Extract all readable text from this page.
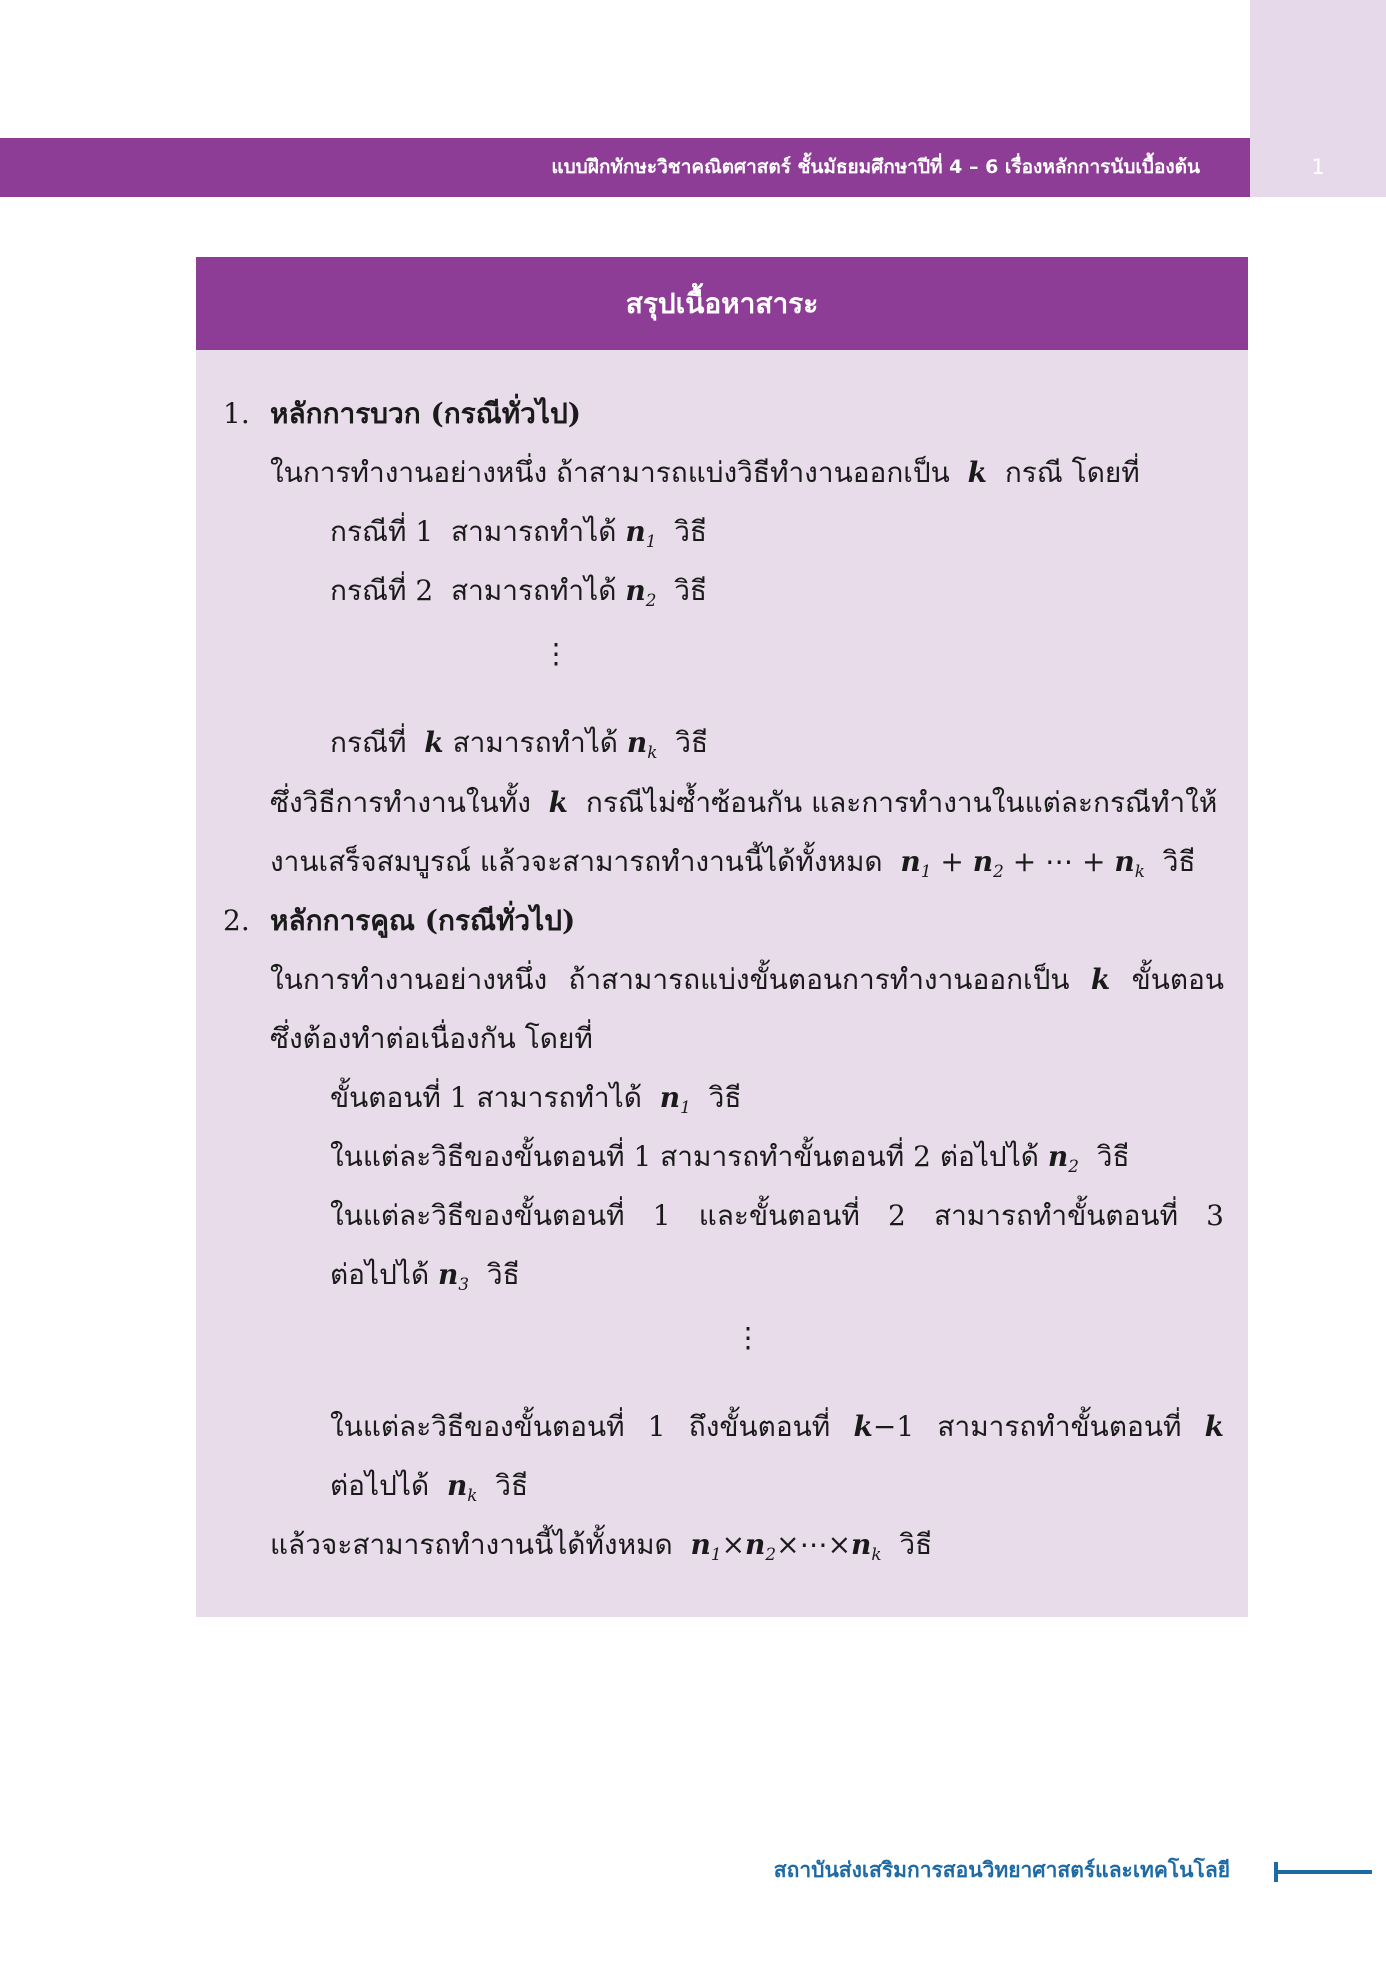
แบบฝึกทักษะวิชาคณิตศาสตร์ ชั้นมัธยมศึกษาปีที่ 4 – 6 เรื่องหลักการนับเบื้องต้น	1
สรุปเนื้อหาสาระ
1. หลักการบวก (กรณีทั่วไป)
ในการทำงานอย่างหนึ่ง ถ้าสามารถแบ่งวิธีทำงานออกเป็น k กรณี โดยที่
กรณีที่ 1 สามารถทำได้ $n_1$ วิธี
กรณีที่ 2 สามารถทำได้ $n_2$ วิธี
⋮
กรณีที่ k สามารถทำได้ $n_k$ วิธี
ซึ่งวิธีการทำงานในทั้ง k กรณีไม่ซ้ำซ้อนกัน และการทำงานในแต่ละกรณีทำให้
งานเสร็จสมบูรณ์ แล้วจะสามารถทำงานนี้ได้ทั้งหมด $n_1 + n_2$ + ⋯ + $n_k$ วิธี
2. หลักการคูณ (กรณีทั่วไป)
ในการทำงานอย่างหนึ่ง ถ้าสามารถแบ่งขั้นตอนการทำงานออกเป็น k ขั้นตอน
ซึ่งต้องทำต่อเนื่องกัน โดยที่
ขั้นตอนที่ 1 สามารถทำได้ $n_1$ วิธี
ในแต่ละวิธีของขั้นตอนที่ 1 สามารถทำขั้นตอนที่ 2 ต่อไปได้ $n_2$ วิธี
ในแต่ละวิธีของขั้นตอนที่ 1 และขั้นตอนที่ 2 สามารถทำขั้นตอนที่ 3
ต่อไปได้ $n_3$ วิธี
⋮
ในแต่ละวิธีของขั้นตอนที่ 1 ถึงขั้นตอนที่ k−1 สามารถทำขั้นตอนที่ k
ต่อไปได้ $n_k$ วิธี
แล้วจะสามารถทำงานนี้ได้ทั้งหมด $n_1\times n_2\times\cdots\times n_k$ วิธี
สถาบันส่งเสริมการสอนวิทยาศาสตร์และเทคโนโลยี
